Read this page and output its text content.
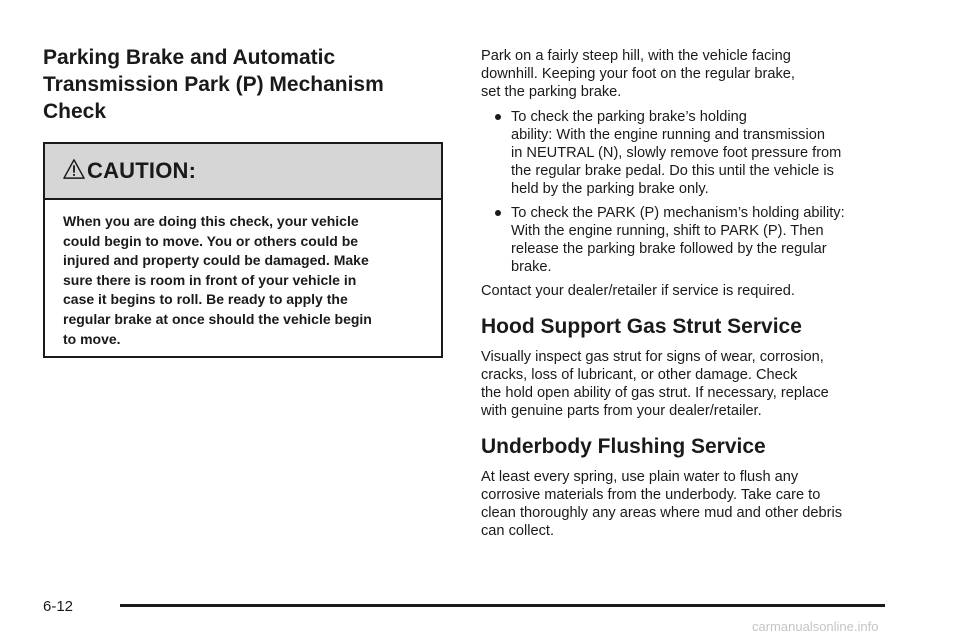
Parking Brake and Automatic
Transmission Park (P) Mechanism
Check
CAUTION:
When you are doing this check, your vehicle
could begin to move. You or others could be
injured and property could be damaged. Make
sure there is room in front of your vehicle in
case it begins to roll. Be ready to apply the
regular brake at once should the vehicle begin
to move.

Park on a fairly steep hill, with the vehicle facing
downhill. Keeping your foot on the regular brake,
set the parking brake.

To check the parking brake’s holding
ability: With the engine running and transmission
in NEUTRAL (N), slowly remove foot pressure from
the regular brake pedal. Do this until the vehicle is
held by the parking brake only.
To check the PARK (P) mechanism’s holding ability:
With the engine running, shift to PARK (P). Then
release the parking brake followed by the regular
brake.

Contact your dealer/retailer if service is required.

Hood Support Gas Strut Service

Visually inspect gas strut for signs of wear, corrosion,
cracks, loss of lubricant, or other damage. Check
the hold open ability of gas strut. If necessary, replace
with genuine parts from your dealer/retailer.

Underbody Flushing Service

At least every spring, use plain water to flush any
corrosive materials from the underbody. Take care to
clean thoroughly any areas where mud and other debris
can collect.

6-12
carmanualsonline.info
